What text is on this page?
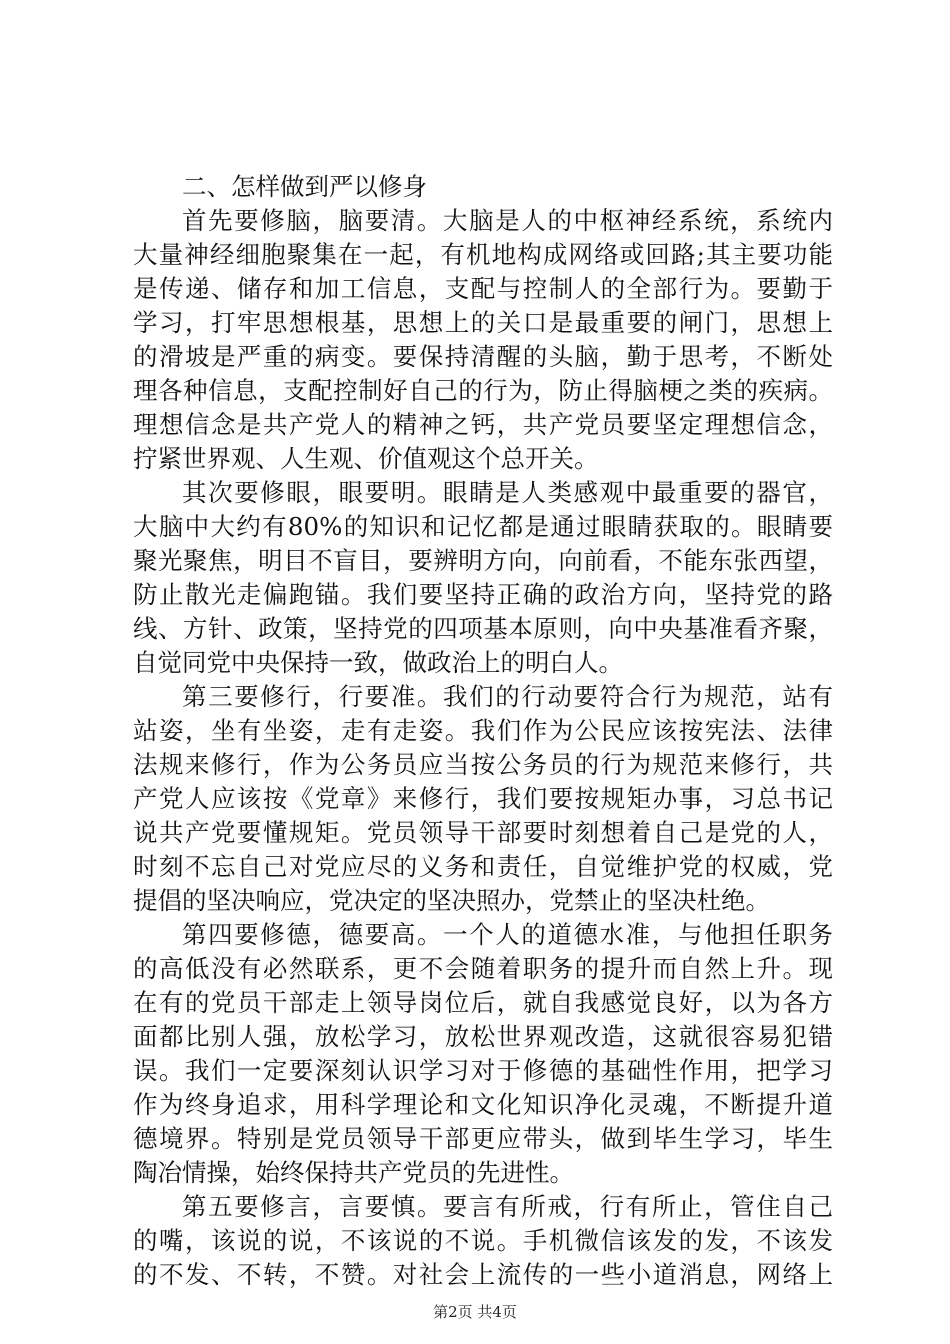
二、怎样做到严以修身
首先要修脑，脑要清。大脑是人的中枢神经系统，系统内
大量神经细胞聚集在一起，有机地构成网络或回路;其主要功能
是传递、储存和加工信息，支配与控制人的全部行为。要勤于
学习，打牢思想根基，思想上的关口是最重要的闸门，思想上
的滑坡是严重的病变。要保持清醒的头脑，勤于思考，不断处
理各种信息，支配控制好自己的行为，防止得脑梗之类的疾病。
理想信念是共产党人的精神之钙，共产党员要坚定理想信念，
拧紧世界观、人生观、价值观这个总开关。
其次要修眼，眼要明。眼睛是人类感观中最重要的器官，
大脑中大约有80%的知识和记忆都是通过眼睛获取的。眼睛要
聚光聚焦，明目不盲目，要辨明方向，向前看，不能东张西望，
防止散光走偏跑锚。我们要坚持正确的政治方向，坚持党的路
线、方针、政策，坚持党的四项基本原则，向中央基准看齐聚，
自觉同党中央保持一致，做政治上的明白人。
第三要修行，行要准。我们的行动要符合行为规范，站有
站姿，坐有坐姿，走有走姿。我们作为公民应该按宪法、法律
法规来修行，作为公务员应当按公务员的行为规范来修行，共
产党人应该按《党章》来修行，我们要按规矩办事，习总书记
说共产党要懂规矩。党员领导干部要时刻想着自己是党的人，
时刻不忘自己对党应尽的义务和责任，自觉维护党的权威，党
提倡的坚决响应，党决定的坚决照办，党禁止的坚决杜绝。
第四要修德，德要高。一个人的道德水准，与他担任职务
的高低没有必然联系，更不会随着职务的提升而自然上升。现
在有的党员干部走上领导岗位后，就自我感觉良好，以为各方
面都比别人强，放松学习，放松世界观改造，这就很容易犯错
误。我们一定要深刻认识学习对于修德的基础性作用，把学习
作为终身追求，用科学理论和文化知识净化灵魂，不断提升道
德境界。特别是党员领导干部更应带头，做到毕生学习，毕生
陶冶情操，始终保持共产党员的先进性。
第五要修言，言要慎。要言有所戒，行有所止，管住自己
的嘴，该说的说，不该说的不说。手机微信该发的发，不该发
的不发、不转，不赞。对社会上流传的一些小道消息，网络上
第2页 共4页
